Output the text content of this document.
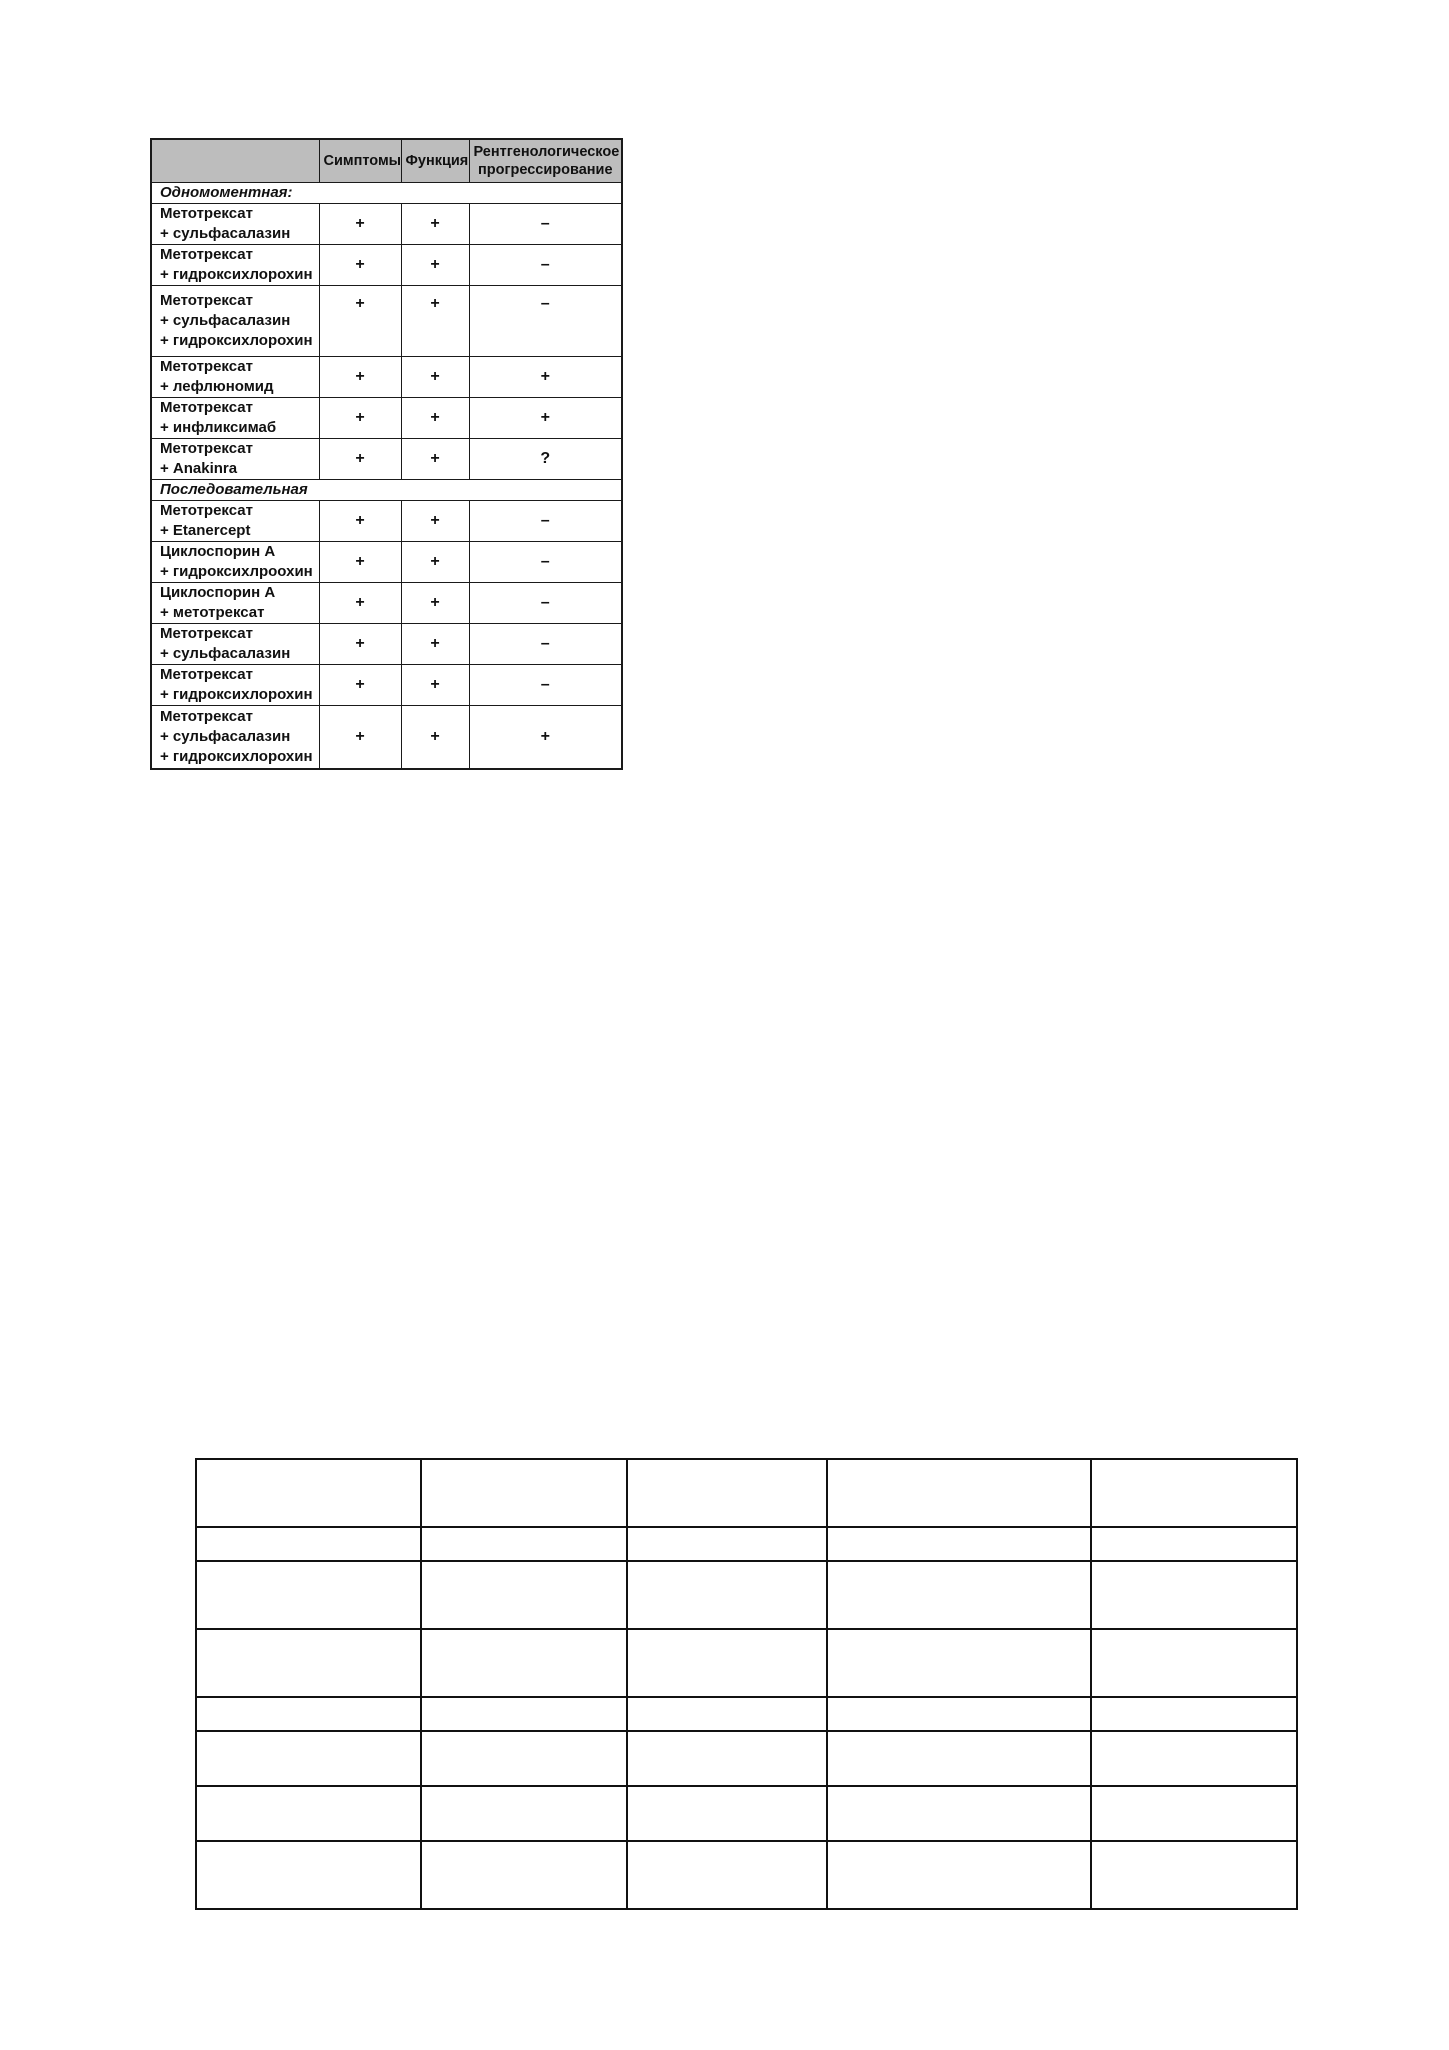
	Симптомы	Функция	Рентгенологическое
прогрессирование
Одномоментная:			
Метотрексат
+ сульфасалазин	+	+	–
Метотрексат
+ гидроксихлорохин	+	+	–
Метотрексат
+ сульфасалазин
+ гидроксихлорохин	+	+	–
Метотрексат
+ лефлюномид	+	+	+
Метотрексат
+ инфликсимаб	+	+	+
Метотрексат
+ Anakinra	+	+	?
Последовательная			
Метотрексат
+ Etanercept	+	+	–
Циклоспорин А
+ гидроксихлроохин	+	+	–
Циклоспорин А
+ метотрексат	+	+	–
Метотрексат
+ сульфасалазин	+	+	–
Метотрексат
+ гидроксихлорохин	+	+	–
Метотрексат
+ сульфасалазин
+ гидроксихлорохин	+	+	+
